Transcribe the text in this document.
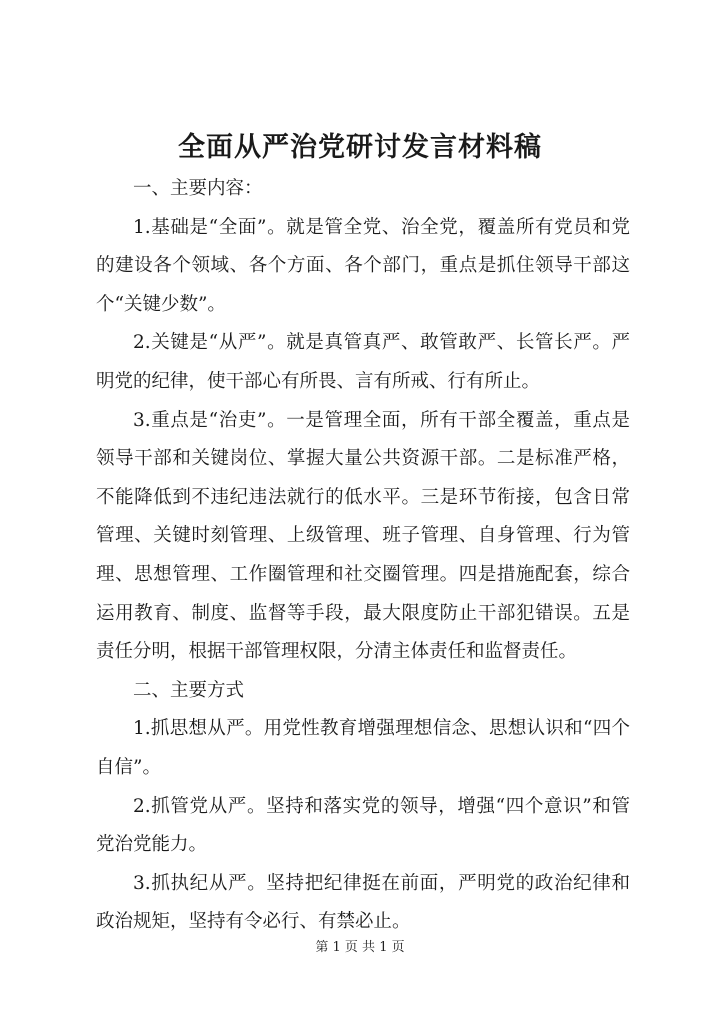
全面从严治党研讨发言材料稿

一、主要内容：

1.基础是“全面”。就是管全党、治全党，覆盖所有党员和党的建设各个领域、各个方面、各个部门，重点是抓住领导干部这个“关键少数”。

2.关键是“从严”。就是真管真严、敢管敢严、长管长严。严明党的纪律，使干部心有所畏、言有所戒、行有所止。

3.重点是“治吏”。一是管理全面，所有干部全覆盖，重点是领导干部和关键岗位、掌握大量公共资源干部。二是标准严格，不能降低到不违纪违法就行的低水平。三是环节衔接，包含日常管理、关键时刻管理、上级管理、班子管理、自身管理、行为管理、思想管理、工作圈管理和社交圈管理。四是措施配套，综合运用教育、制度、监督等手段，最大限度防止干部犯错误。五是责任分明，根据干部管理权限，分清主体责任和监督责任。

二、主要方式

1.抓思想从严。用党性教育增强理想信念、思想认识和“四个自信”。

2.抓管党从严。坚持和落实党的领导，增强“四个意识”和管党治党能力。

3.抓执纪从严。坚持把纪律挺在前面，严明党的政治纪律和政治规矩，坚持有令必行、有禁必止。

第 1 页 共 1 页
